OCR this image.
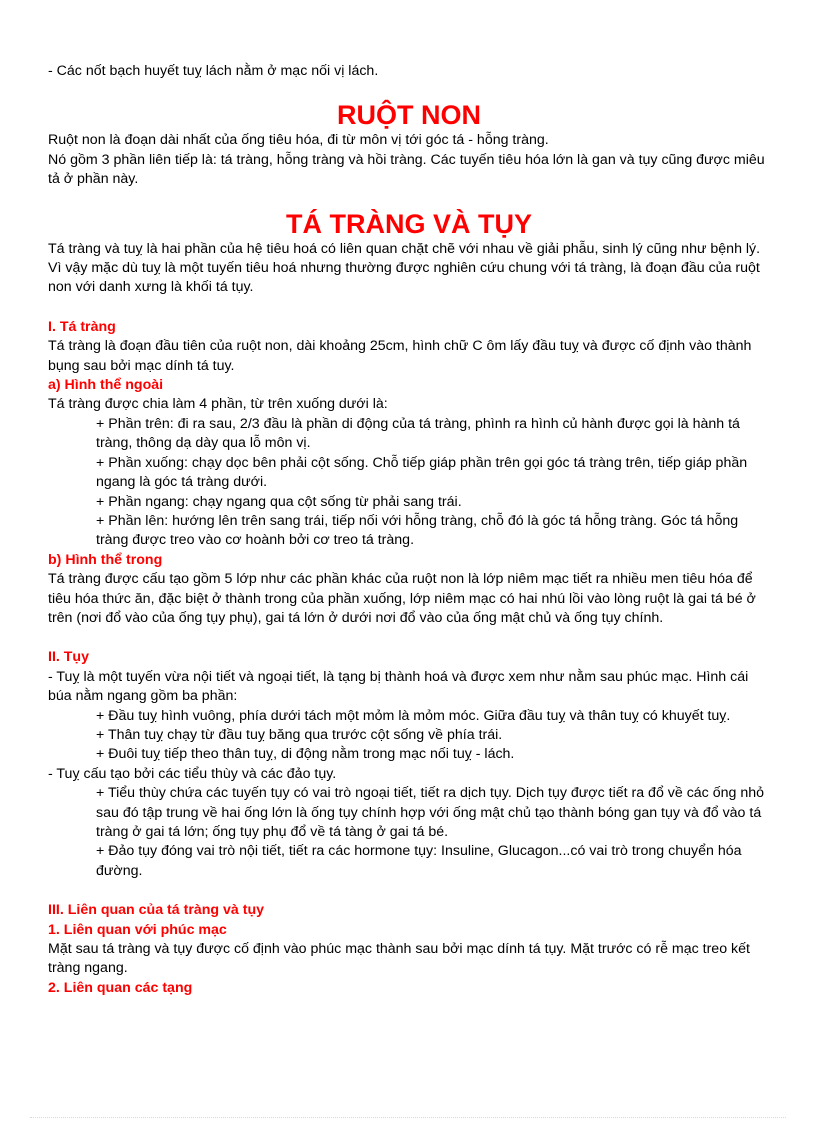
- Các nốt bạch huyết tuỵ lách nằm ở mạc nối vị lách.

RUỘT NON

Ruột non là đoạn dài nhất của ống tiêu hóa, đi từ môn vị tới góc tá - hỗng tràng.

Nó gồm 3 phần liên tiếp là: tá tràng, hỗng tràng và hồi tràng. Các tuyến tiêu hóa lớn là gan và tụy cũng được miêu tả ở phần này.

TÁ TRÀNG VÀ TỤY

Tá tràng và tuỵ là hai phần của hệ tiêu hoá có liên quan chặt chẽ với nhau về giải phẫu, sinh lý cũng như bệnh lý. Vì vậy mặc dù tuỵ là một tuyến tiêu hoá nhưng thường được nghiên cứu chung với tá tràng, là đoạn đầu của ruột non với danh xưng là khối tá tụy.

I. Tá tràng

Tá tràng là đoạn đầu tiên của ruột non, dài khoảng 25cm, hình chữ C ôm lấy đầu tuỵ và được cố định vào thành bụng sau bởi mạc dính tá tuy.

a) Hình thể ngoài

Tá tràng được chia làm 4 phần, từ trên xuống dưới là:

+ Phần trên: đi ra sau, 2/3 đầu là phần di động của tá tràng, phình ra hình củ hành được gọi là hành tá tràng, thông dạ dày qua lỗ môn vị.

+ Phần xuống: chạy dọc bên phải cột sống. Chỗ tiếp giáp phần trên gọi góc tá tràng trên, tiếp giáp phần ngang là góc tá tràng dưới.

+ Phần ngang: chạy ngang qua cột sống từ phải sang trái.

+ Phần lên: hướng lên trên sang trái, tiếp nối với hỗng tràng, chỗ đó là góc tá hỗng tràng. Góc tá hỗng tràng được treo vào cơ hoành bởi cơ treo tá tràng.

b) Hình thể trong

Tá tràng được cấu tạo gồm 5 lớp như các phần khác của ruột non là lớp niêm mạc tiết ra nhiều men tiêu hóa để tiêu hóa thức ăn, đặc biệt ở thành trong của phần xuống, lớp niêm mạc có hai nhú lồi vào lòng ruột là gai tá bé ở trên (nơi đổ vào của ống tụy phụ), gai tá lớn ở dưới nơi đổ vào của ống mật chủ và ống tụy chính.

II. Tụy

- Tuỵ là một tuyến vừa nội tiết và ngoại tiết, là tạng bị thành hoá và được xem như nằm sau phúc mạc. Hình cái búa nằm ngang gồm ba phần:

+ Đầu tuỵ hình vuông, phía dưới tách một mỏm là mỏm móc. Giữa đầu tuỵ và thân tuỵ có khuyết tuỵ.

+ Thân tuỵ chạy từ đầu tuỵ băng qua trước cột sống về phía trái.

+ Đuôi tuỵ tiếp theo thân tuỵ, di động nằm trong mạc nối tuỵ - lách.

- Tuỵ cấu tạo bởi các tiểu thùy và các đảo tụy.

+ Tiểu thùy chứa các tuyến tụy có vai trò ngoại tiết, tiết ra dịch tụy. Dịch tụy được tiết ra đổ về các ống nhỏ sau đó tập trung về hai ống lớn là ống tụy chính hợp với ống mật chủ tạo thành bóng gan tụy và đổ vào tá tràng ở gai tá lớn; ống tụy phụ đổ về tá tàng ở gai tá bé.

+ Đảo tụy đóng vai trò nội tiết, tiết ra các hormone tụy: Insuline, Glucagon...có vai trò trong chuyển hóa đường.

III. Liên quan của tá tràng và tụy
1. Liên quan với phúc mạc

Mặt sau tá tràng và tụy được cố định vào phúc mạc thành sau bởi mạc dính tá tụy. Mặt trước có rễ mạc treo kết tràng ngang.

2. Liên quan các tạng
